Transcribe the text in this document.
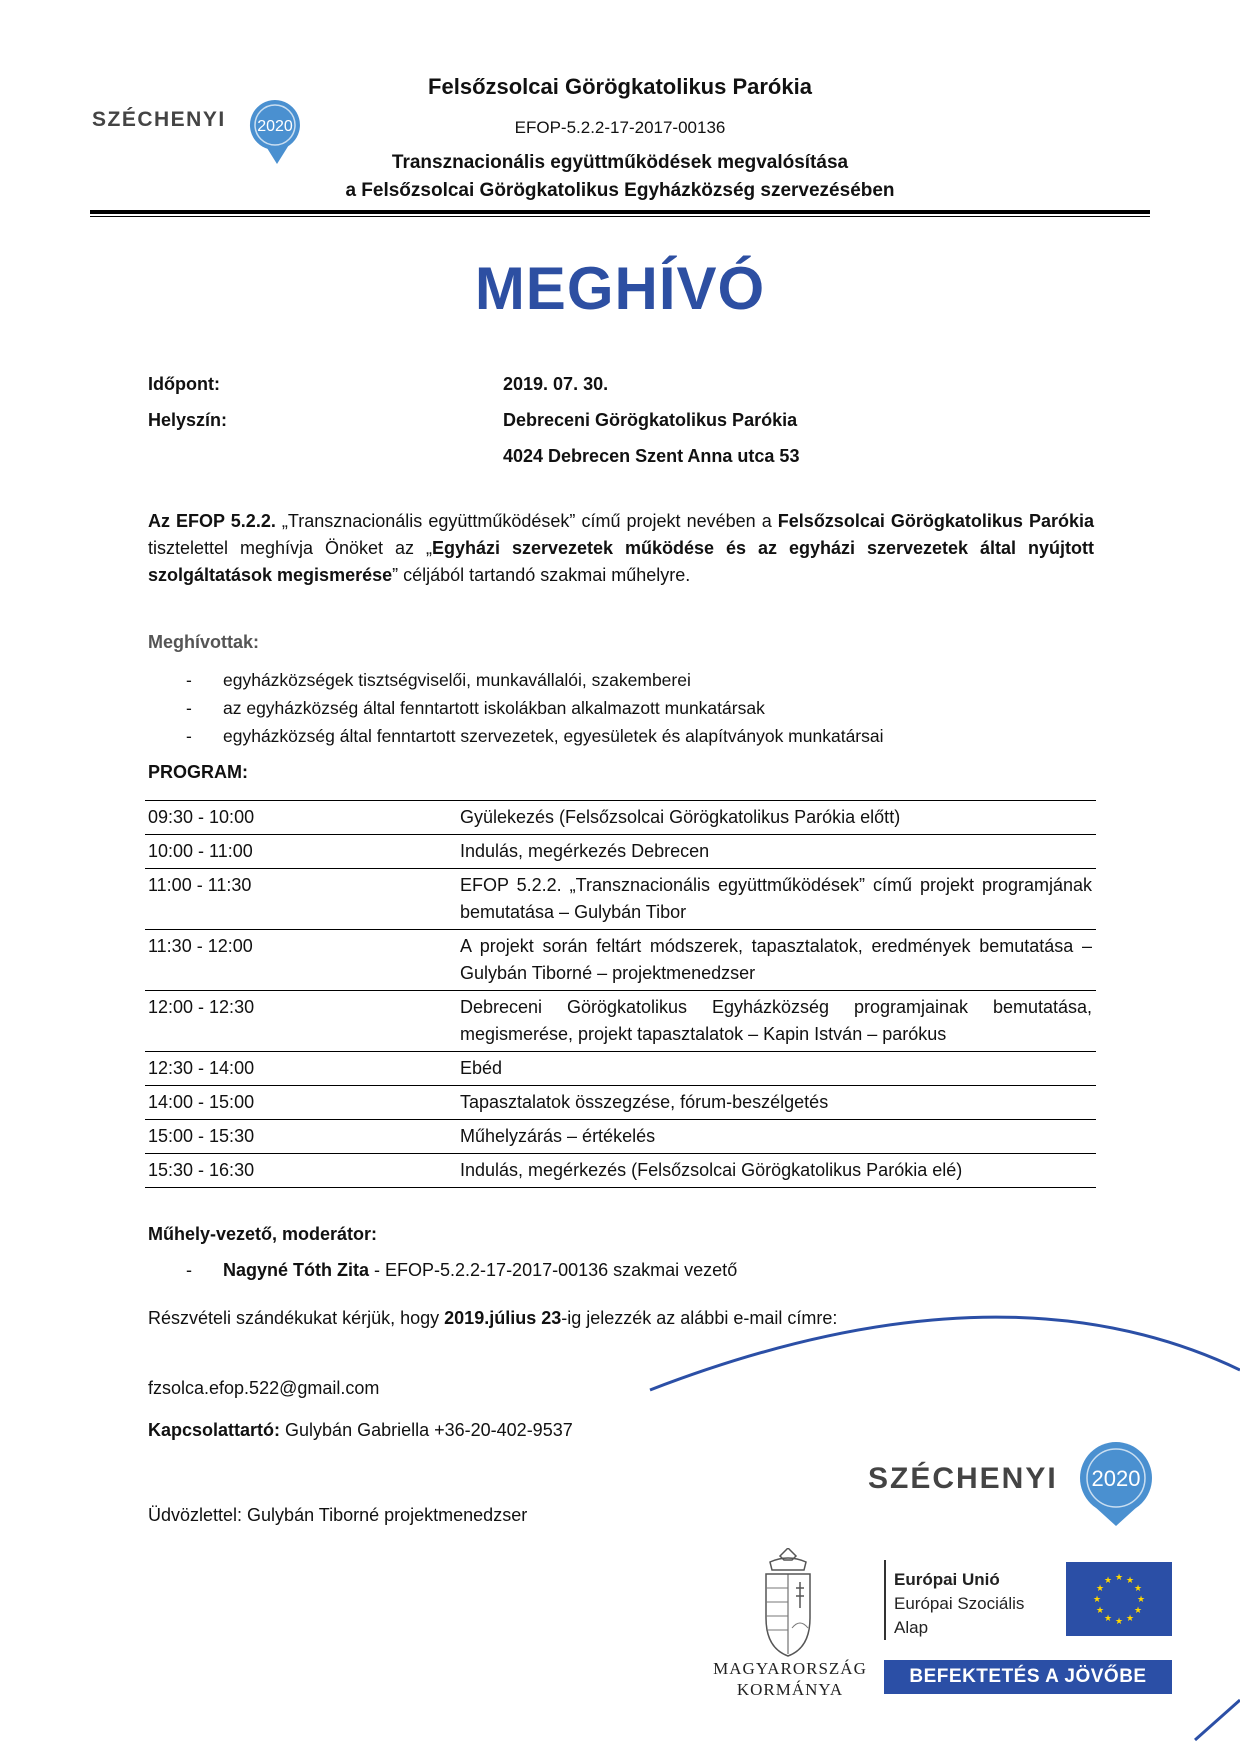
SZÉCHENYI 2020
Felsőzsolcai Görögkatolikus Parókia
EFOP-5.2.2-17-2017-00136
Transznacionális együttműködések megvalósítása
a Felsőzsolcai Görögkatolikus Egyházközség szervezésében
MEGHÍVÓ
Időpont:	2019. 07. 30.
Helyszín:	Debreceni Görögkatolikus Parókia
4024 Debrecen Szent Anna utca 53
Az EFOP 5.2.2. „Transznacionális együttműködések” című projekt nevében a Felsőzsolcai Görögkatolikus Parókia tisztelettel meghívja Önöket az „Egyházi szervezetek működése és az egyházi szervezetek által nyújtott szolgáltatások megismerése” céljából tartandó szakmai műhelyre.
Meghívottak:
- egyházközségek tisztségviselői, munkavállalói, szakemberei
- az egyházközség által fenntartott iskolákban alkalmazott munkatársak
- egyházközség által fenntartott szervezetek, egyesületek és alapítványok munkatársai
PROGRAM:
09:30 - 10:00	Gyülekezés (Felsőzsolcai Görögkatolikus Parókia előtt)
10:00 - 11:00	Indulás, megérkezés Debrecen
11:00 - 11:30	EFOP 5.2.2. „Transznacionális együttműködések” című projekt programjának bemutatása – Gulybán Tibor
11:30 - 12:00	A projekt során feltárt módszerek, tapasztalatok, eredmények bemutatása – Gulybán Tiborné – projektmenedzser
12:00 - 12:30	Debreceni Görögkatolikus Egyházközség programjainak bemutatása, megismerése, projekt tapasztalatok – Kapin István – parókus
12:30 - 14:00	Ebéd
14:00 - 15:00	Tapasztalatok összegzése, fórum-beszélgetés
15:00 - 15:30	Műhelyzárás – értékelés
15:30 - 16:30	Indulás, megérkezés (Felsőzsolcai Görögkatolikus Parókia elé)
Műhely-vezető, moderátor:
- Nagyné Tóth Zita - EFOP-5.2.2-17-2017-00136 szakmai vezető
Részvételi szándékukat kérjük, hogy 2019.július 23-ig jelezzék az alábbi e-mail címre:
fzsolca.efop.522@gmail.com
Kapcsolattartó: Gulybán Gabriella +36-20-402-9537
Üdvözlettel: Gulybán Tiborné projektmenedzser
SZÉCHENYI 2020
MAGYARORSZÁG
KORMÁNYA
Európai Unió
Európai Szociális
Alap
★ ★
★
★
★
★
★
★
★
★
★
★
BEFEKTETÉS A JÖVŐBE
